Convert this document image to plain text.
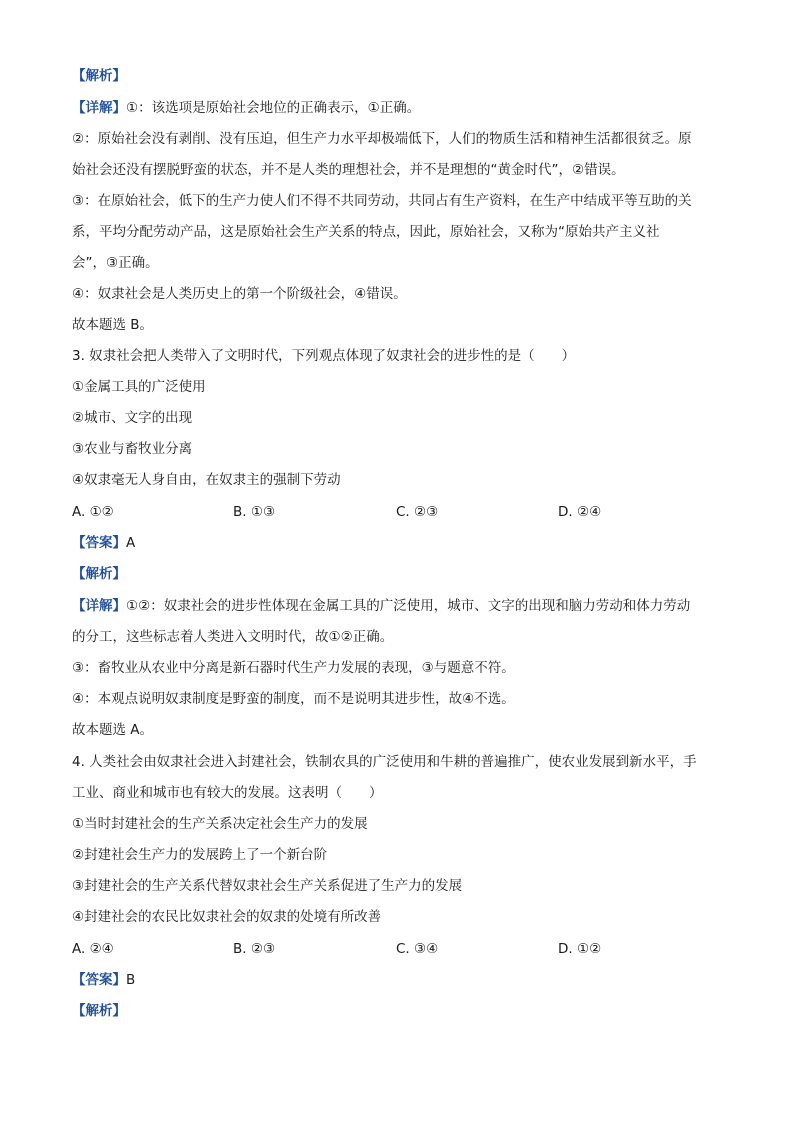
【解析】
【详解】①：该选项是原始社会地位的正确表示，①正确。
②：原始社会没有剥削、没有压迫，但生产力水平却极端低下，人们的物质生活和精神生活都很贫乏。原
始社会还没有摆脱野蛮的状态，并不是人类的理想社会，并不是理想的“黄金时代”，②错误。
③：在原始社会，低下的生产力使人们不得不共同劳动，共同占有生产资料，在生产中结成平等互助的关
系，平均分配劳动产品，这是原始社会生产关系的特点，因此，原始社会，又称为“原始共产主义社
会”，③正确。
④：奴隶社会是人类历史上的第一个阶级社会，④错误。
故本题选 B。
3. 奴隶社会把人类带入了文明时代，下列观点体现了奴隶社会的进步性的是（　　）
①金属工具的广泛使用
②城市、文字的出现
③农业与畜牧业分离
④奴隶毫无人身自由，在奴隶主的强制下劳动
A. ①②	B. ①③	C. ②③	D. ②④
【答案】A
【解析】
【详解】①②：奴隶社会的进步性体现在金属工具的广泛使用，城市、文字的出现和脑力劳动和体力劳动
的分工，这些标志着人类进入文明时代，故①②正确。
③：畜牧业从农业中分离是新石器时代生产力发展的表现，③与题意不符。
④：本观点说明奴隶制度是野蛮的制度，而不是说明其进步性，故④不选。
故本题选 A。
4. 人类社会由奴隶社会进入封建社会，铁制农具的广泛使用和牛耕的普遍推广，使农业发展到新水平，手
工业、商业和城市也有较大的发展。这表明（　　）
①当时封建社会的生产关系决定社会生产力的发展
②封建社会生产力的发展跨上了一个新台阶
③封建社会的生产关系代替奴隶社会生产关系促进了生产力的发展
④封建社会的农民比奴隶社会的奴隶的处境有所改善
A. ②④	B. ②③	C. ③④	D. ①②
【答案】B
【解析】
